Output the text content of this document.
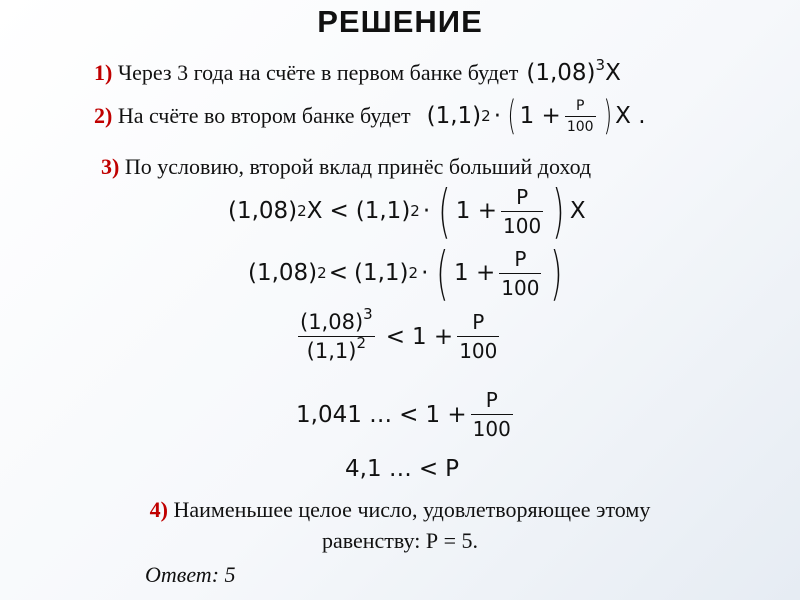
РЕШЕНИЕ
1)
Через 3 года на счёте в первом банке будет $(1,08)^3X$
2)
На счёте во втором банке будет (1,1) 2 · ( $1 + \frac{P}{100}$ ) X .
3)
По условию, второй вклад принёс больший доход
(1,08) 2 X < (1,1) 2 · ( $1 + \frac{P}{100}$ ) X
(1,08) 2 < (1,1) 2 · ( $1 + \frac{P}{100}$ )
$\frac{(1,08)^3}{(1,1)^2} < 1 + \frac{P}{100}$
1,041 … < $1 + \frac{P}{100}$
4,1 … < P
4) Наименьшее целое число, удовлетворяющее этому
равенству: Р = 5.
Ответ: 5
